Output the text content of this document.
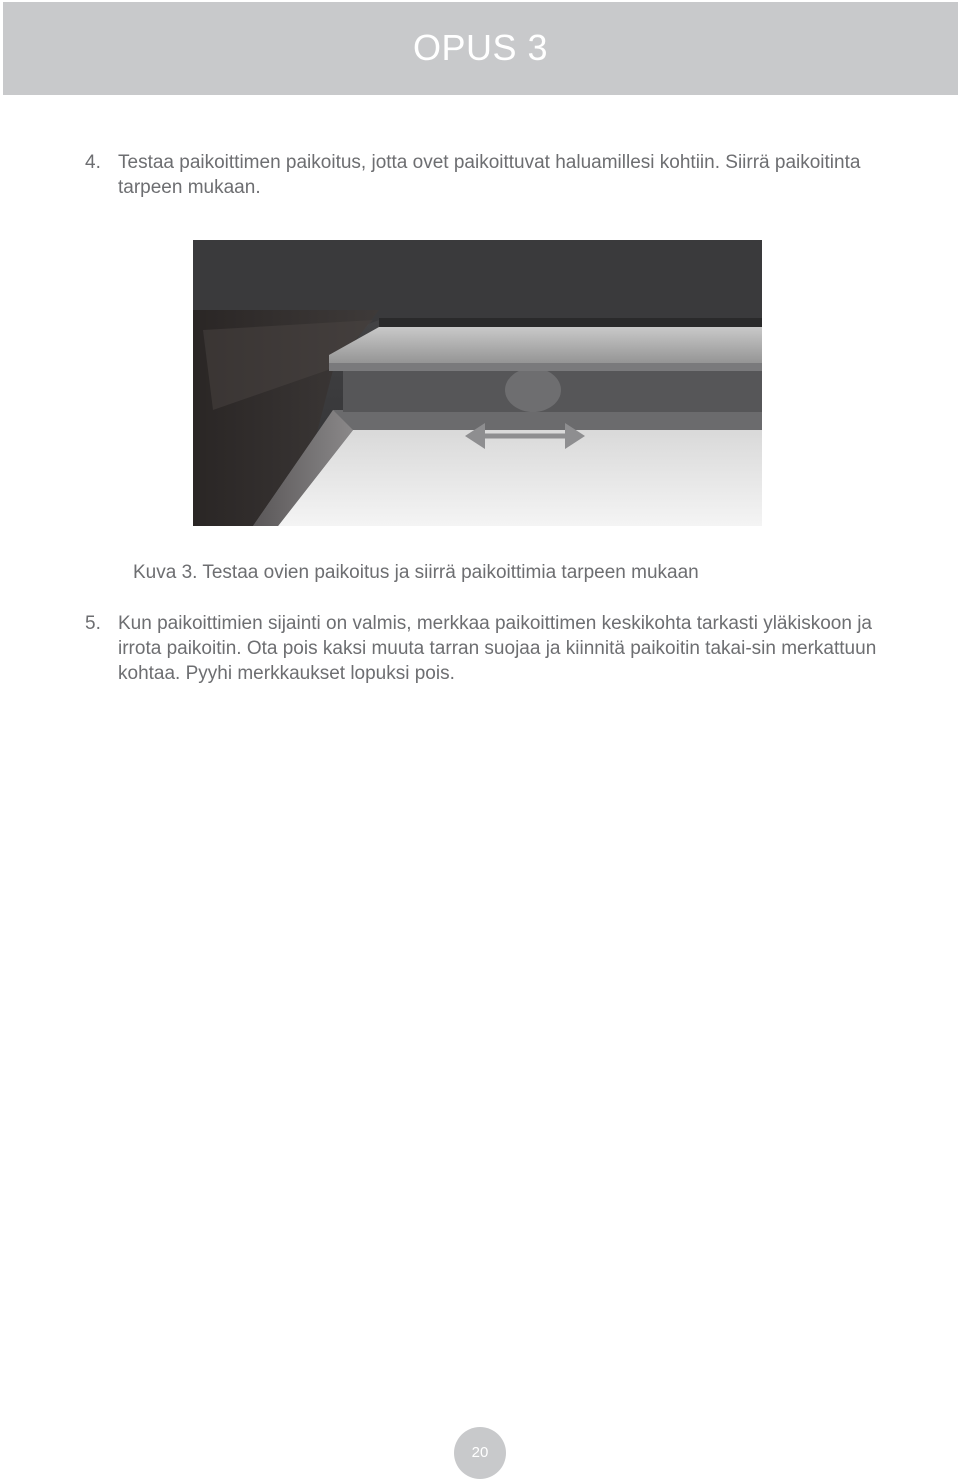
OPUS 3
4. Testaa paikoittimen paikoitus, jotta ovet paikoittuvat haluamillesi kohtiin. Siirrä paikoitinta tarpeen mukaan.
Kuva 3. Testaa ovien paikoitus ja siirrä paikoittimia tarpeen mukaan
5. Kun paikoittimien sijainti on valmis, merkkaa paikoittimen keskikohta tarkasti yläkiskoon ja irrota paikoitin. Ota pois kaksi muuta tarran suojaa ja kiinnitä paikoitin takai-sin merkattuun kohtaa. Pyyhi merkkaukset lopuksi pois.
20
